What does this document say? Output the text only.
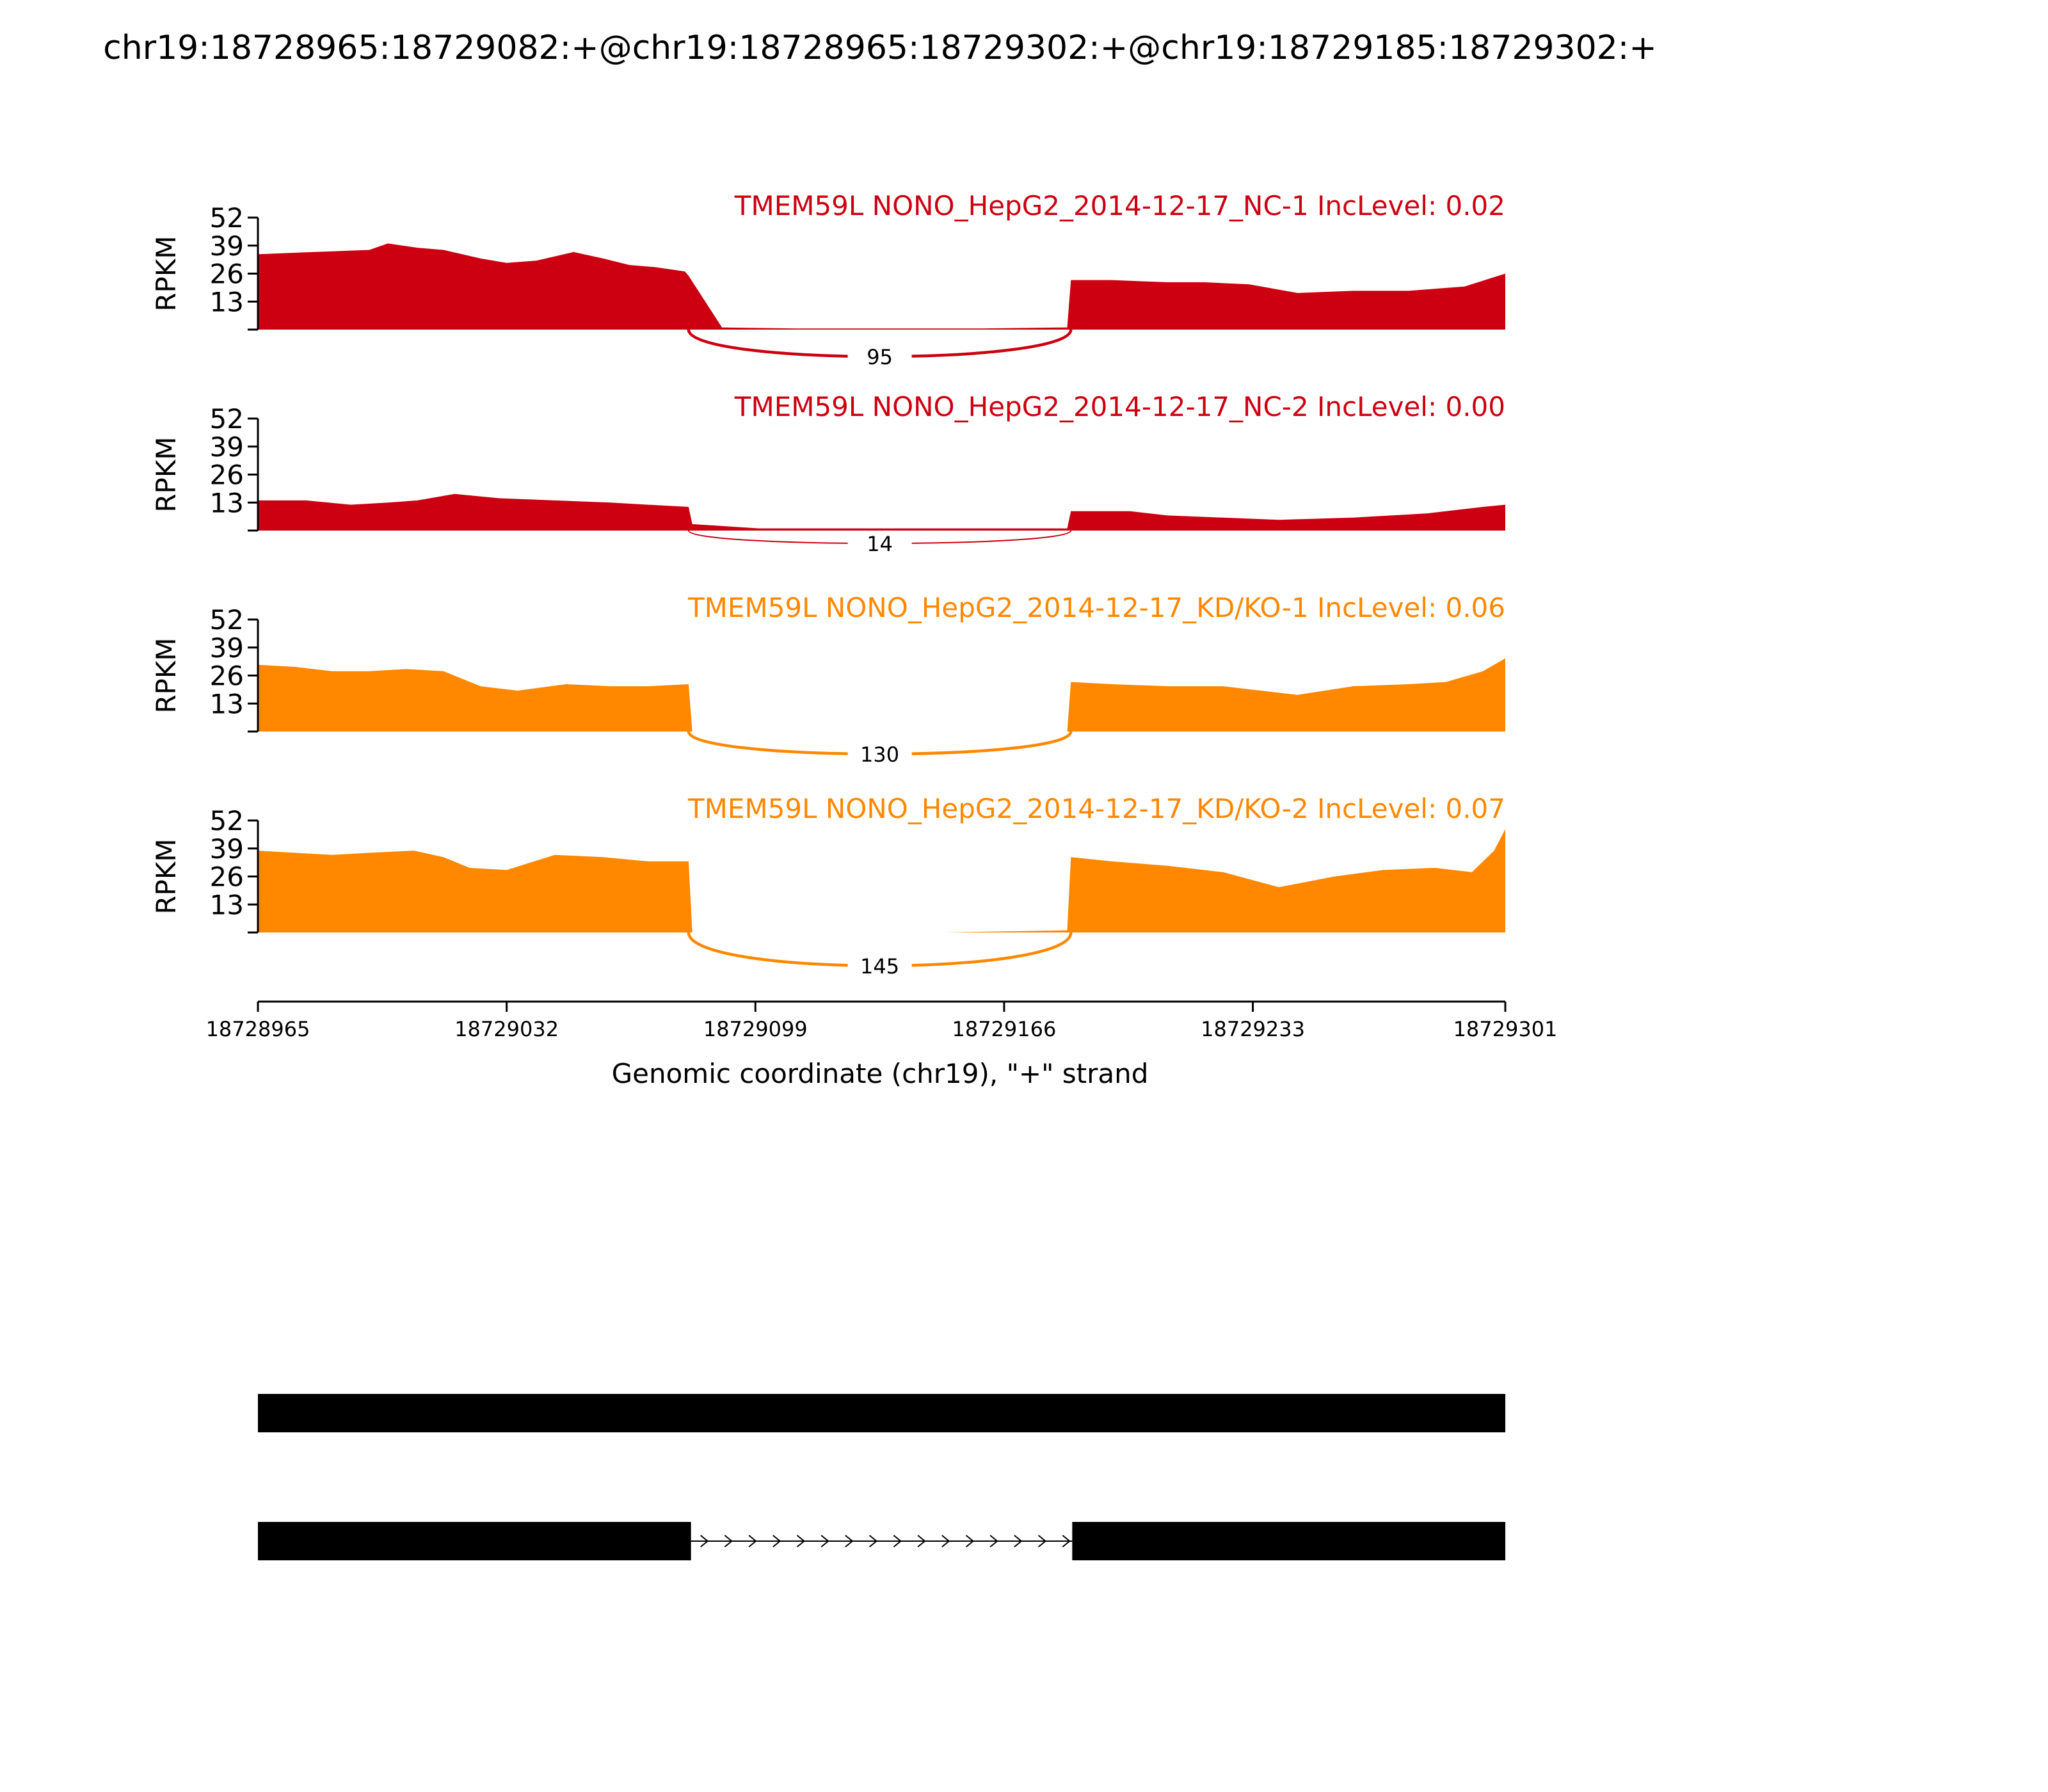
chr19:18728965:18729082:+@chr19:18728965:18729302:+@chr19:18729185:18729302:+
13
26
39
52
RPKM
TMEM59L NONO_HepG2_2014-12-17_NC-1 IncLevel: 0.02
95
13
26
39
52
RPKM
TMEM59L NONO_HepG2_2014-12-17_NC-2 IncLevel: 0.00
14
13
26
39
52
RPKM
TMEM59L NONO_HepG2_2014-12-17_KD/KO-1 IncLevel: 0.06
130
13
26
39
52
RPKM
TMEM59L NONO_HepG2_2014-12-17_KD/KO-2 IncLevel: 0.07
145
18728965	18729032	18729099	18729166	18729233	18729301
Genomic coordinate (chr19), "+" strand
